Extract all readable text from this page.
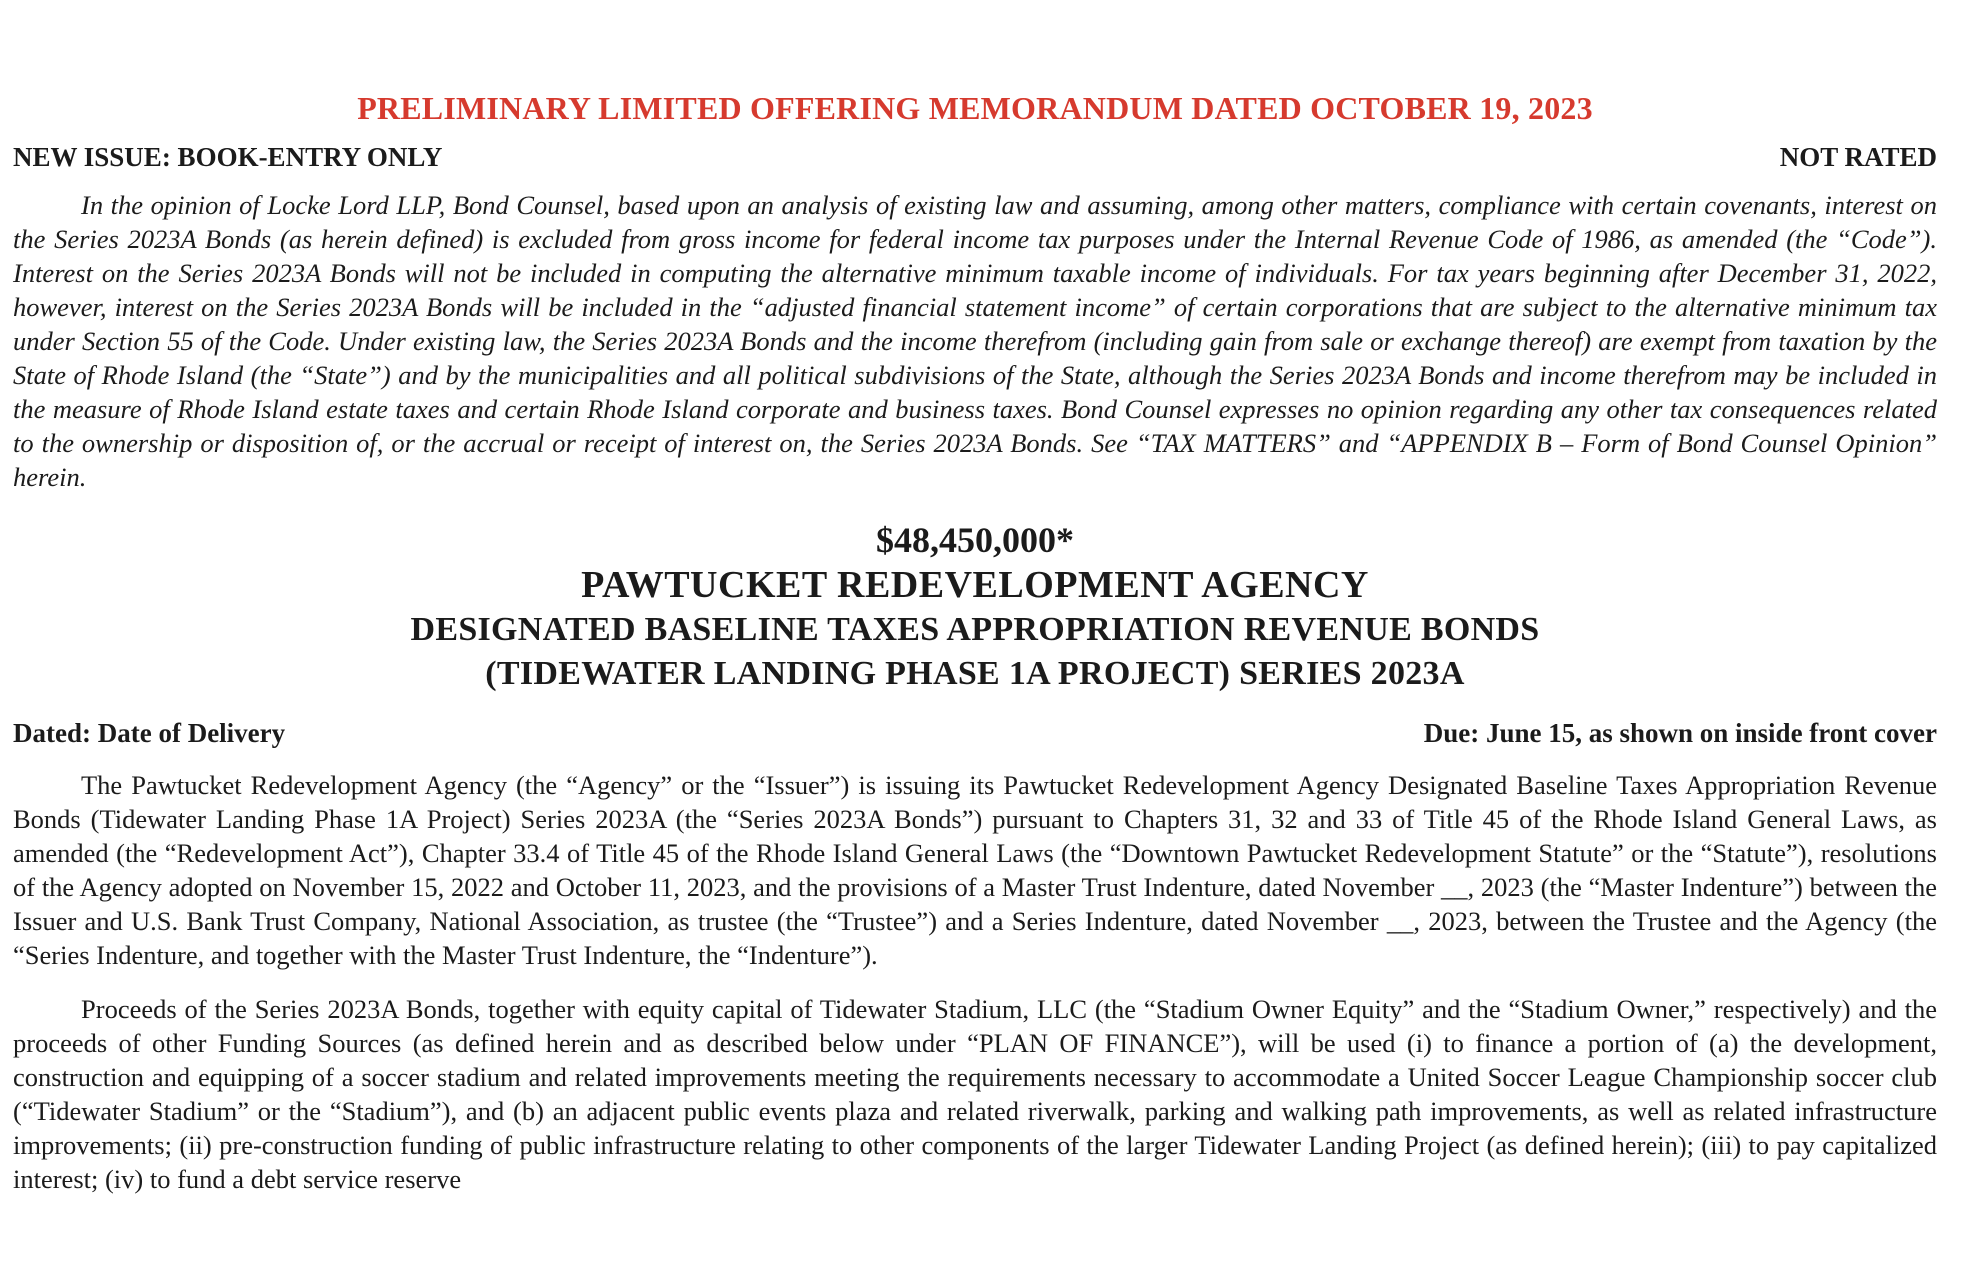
PRELIMINARY LIMITED OFFERING MEMORANDUM DATED OCTOBER 19, 2023
NEW ISSUE: BOOK-ENTRY ONLY	NOT RATED

In the opinion of Locke Lord LLP, Bond Counsel, based upon an analysis of existing law and assuming, among other matters, compliance with certain covenants, interest on the Series 2023A Bonds (as herein defined) is excluded from gross income for federal income tax purposes under the Internal Revenue Code of 1986, as amended (the “Code”). Interest on the Series 2023A Bonds will not be included in computing the alternative minimum taxable income of individuals. For tax years beginning after December 31, 2022, however, interest on the Series 2023A Bonds will be included in the “adjusted financial statement income” of certain corporations that are subject to the alternative minimum tax under Section 55 of the Code. Under existing law, the Series 2023A Bonds and the income therefrom (including gain from sale or exchange thereof) are exempt from taxation by the State of Rhode Island (the “State”) and by the municipalities and all political subdivisions of the State, although the Series 2023A Bonds and income therefrom may be included in the measure of Rhode Island estate taxes and certain Rhode Island corporate and business taxes. Bond Counsel expresses no opinion regarding any other tax consequences related to the ownership or disposition of, or the accrual or receipt of interest on, the Series 2023A Bonds. See “TAX MATTERS” and “APPENDIX B – Form of Bond Counsel Opinion” herein.

$48,450,000*
PAWTUCKET REDEVELOPMENT AGENCY
DESIGNATED BASELINE TAXES APPROPRIATION REVENUE BONDS
(TIDEWATER LANDING PHASE 1A PROJECT) SERIES 2023A
Dated: Date of Delivery	Due: June 15, as shown on inside front cover

The Pawtucket Redevelopment Agency (the “Agency” or the “Issuer”) is issuing its Pawtucket Redevelopment Agency Designated Baseline Taxes Appropriation Revenue Bonds (Tidewater Landing Phase 1A Project) Series 2023A (the “Series 2023A Bonds”) pursuant to Chapters 31, 32 and 33 of Title 45 of the Rhode Island General Laws, as amended (the “Redevelopment Act”), Chapter 33.4 of Title 45 of the Rhode Island General Laws (the “Downtown Pawtucket Redevelopment Statute” or the “Statute”), resolutions of the Agency adopted on November 15, 2022 and October 11, 2023, and the provisions of a Master Trust Indenture, dated November __, 2023 (the “Master Indenture”) between the Issuer and U.S. Bank Trust Company, National Association, as trustee (the “Trustee”) and a Series Indenture, dated November __, 2023, between the Trustee and the Agency (the “Series Indenture, and together with the Master Trust Indenture, the “Indenture”).

Proceeds of the Series 2023A Bonds, together with equity capital of Tidewater Stadium, LLC (the “Stadium Owner Equity” and the “Stadium Owner,” respectively) and the proceeds of other Funding Sources (as defined herein and as described below under “PLAN OF FINANCE”), will be used (i) to finance a portion of (a) the development, construction and equipping of a soccer stadium and related improvements meeting the requirements necessary to accommodate a United Soccer League Championship soccer club (“Tidewater Stadium” or the “Stadium”), and (b) an adjacent public events plaza and related riverwalk, parking and walking path improvements, as well as related infrastructure improvements; (ii) pre-construction funding of public infrastructure relating to other components of the larger Tidewater Landing Project (as defined herein); (iii) to pay capitalized interest; (iv) to fund a debt service reserve
